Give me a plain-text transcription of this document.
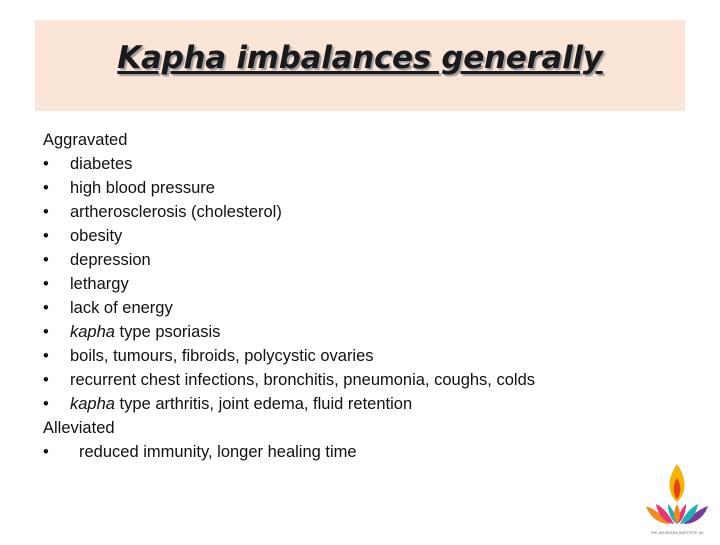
Kapha imbalances generally
Aggravated
• diabetes
• high blood pressure
• artherosclerosis (cholesterol)
• obesity
• depression
• lethargy
• lack of energy
• kapha type psoriasis
• boils, tumours, fibroids, polycystic ovaries
• recurrent chest infections, bronchitis, pneumonia, coughs, colds
• kapha type arthritis, joint edema, fluid retention
Alleviated
• reduced immunity, longer healing time
THE AYURVEDA INSTITUTE UK
